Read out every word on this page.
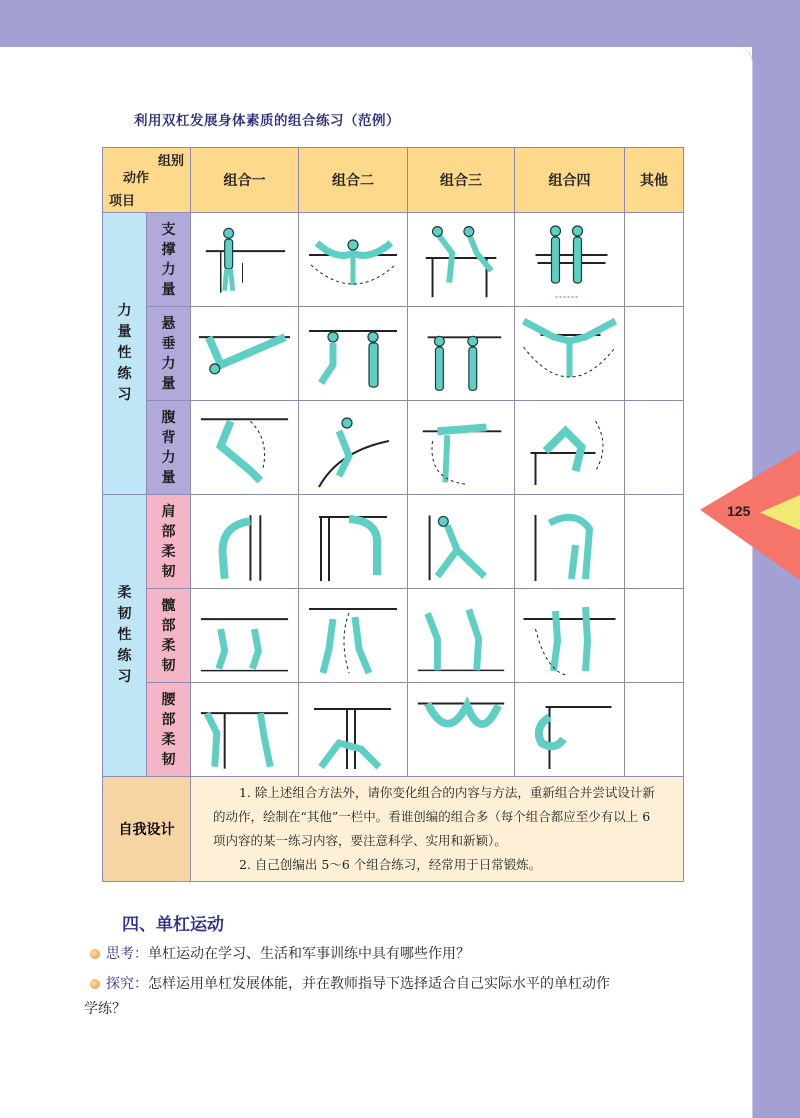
125
利用双杠发展身体素质的组合练习（范例）
组别
动作
项目		组合一	组合二	组合三	组合四	其他
力量性练习	支撑力量	

	悬垂力量	

	腹背力量	

柔韧性练习	肩部柔韧	

	髋部柔韧	

	腰部柔韧	

自我设计		1. 除上述组合方法外，请你变化组合的内容与方法，重新组合并尝试设计新的动作，绘制在“其他”一栏中。看谁创编的组合多（每个组合都应至少有以上 6 项内容的某一练习内容，要注意科学、实用和新颖）。

2. 自己创编出 5～6 个组合练习，经常用于日常锻炼。				

四、单杠运动
思考：单杠运动在学习、生活和军事训练中具有哪些作用？
探究：怎样运用单杠发展体能，并在教师指导下选择适合自己实际水平的单杠动作
学练？
